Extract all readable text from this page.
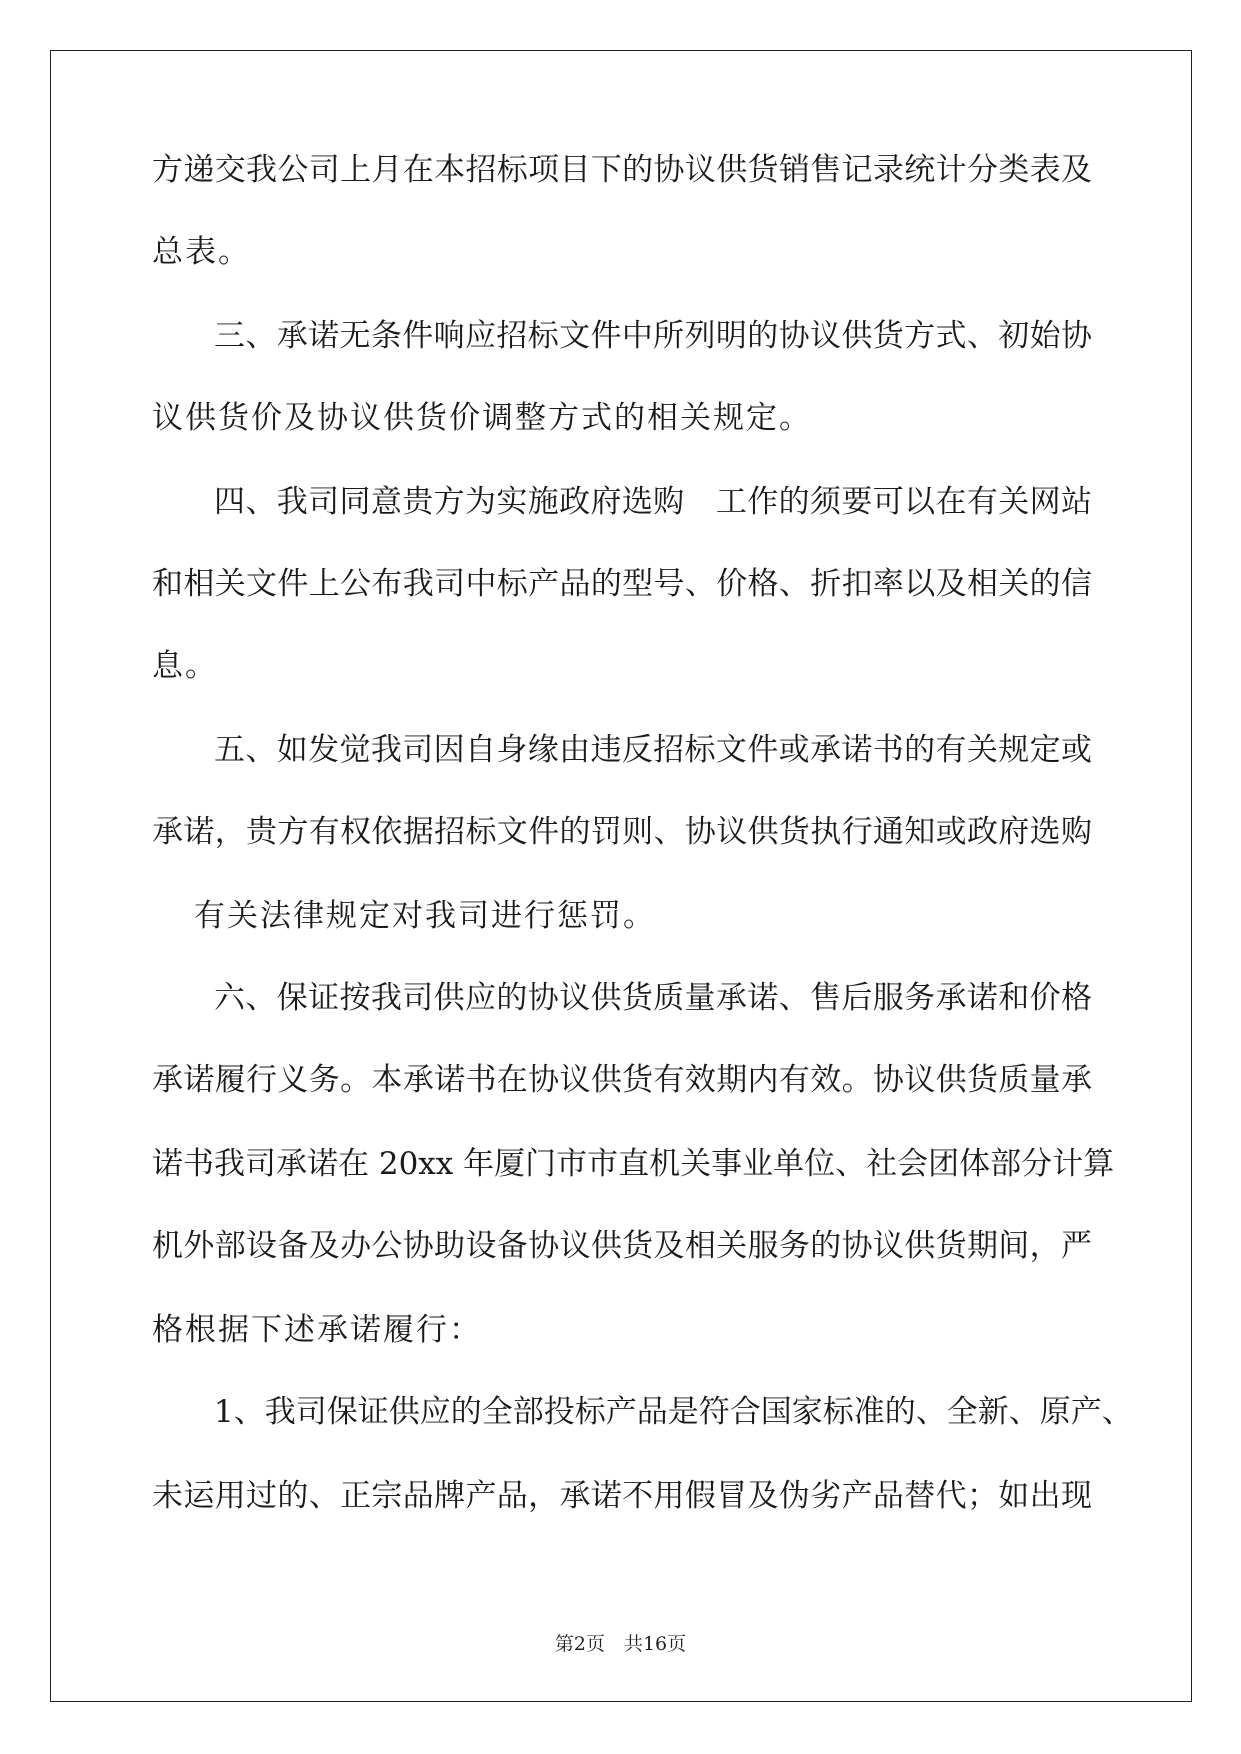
方递交我公司上月在本招标项目下的协议供货销售记录统计分类表及
总表。
三、承诺无条件响应招标文件中所列明的协议供货方式、初始协
议供货价及协议供货价调整方式的相关规定。
四、我司同意贵方为实施政府选购　工作的须要可以在有关网站
和相关文件上公布我司中标产品的型号、价格、折扣率以及相关的信
息。
五、如发觉我司因自身缘由违反招标文件或承诺书的有关规定或
承诺，贵方有权依据招标文件的罚则、协议供货执行通知或政府选购
有关法律规定对我司进行惩罚。
六、保证按我司供应的协议供货质量承诺、售后服务承诺和价格
承诺履行义务。本承诺书在协议供货有效期内有效。协议供货质量承
诺书我司承诺在 20xx 年厦门市市直机关事业单位、社会团体部分计算
机外部设备及办公协助设备协议供货及相关服务的协议供货期间，严
格根据下述承诺履行：
1、我司保证供应的全部投标产品是符合国家标准的、全新、原产、
未运用过的、正宗品牌产品，承诺不用假冒及伪劣产品替代；如出现
第2页　共16页
